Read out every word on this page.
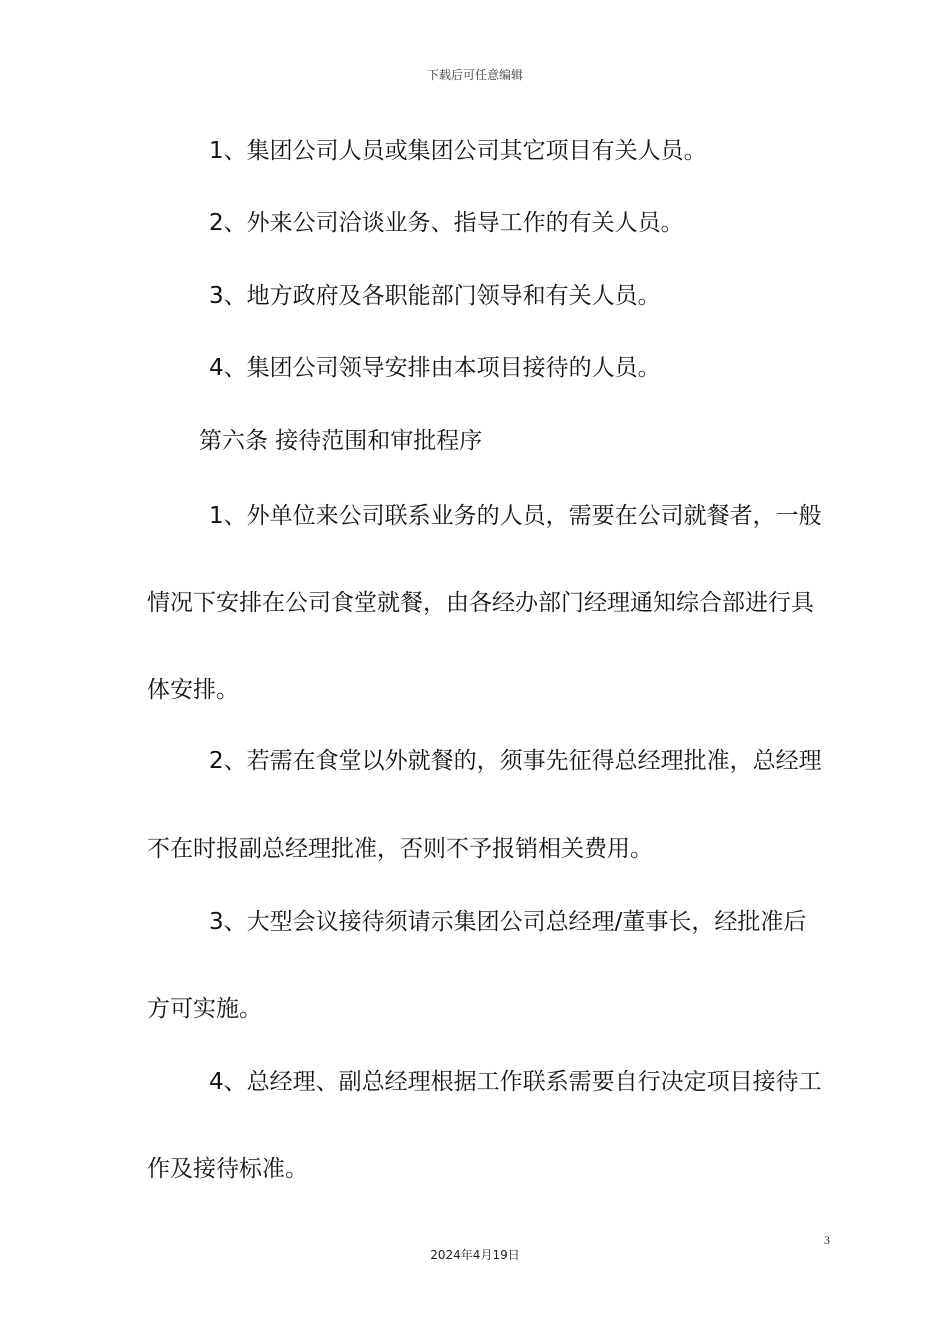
下载后可任意编辑
1、集团公司人员或集团公司其它项目有关人员。
2、外来公司洽谈业务、指导工作的有关人员。
3、地方政府及各职能部门领导和有关人员。
4、集团公司领导安排由本项目接待的人员。
第六条 接待范围和审批程序
1、外单位来公司联系业务的人员，需要在公司就餐者，一般
情况下安排在公司食堂就餐，由各经办部门经理通知综合部进行具
体安排。
2、若需在食堂以外就餐的，须事先征得总经理批准，总经理
不在时报副总经理批准，否则不予报销相关费用。
3、大型会议接待须请示集团公司总经理/董事长，经批准后
方可实施。
4、总经理、副总经理根据工作联系需要自行决定项目接待工
作及接待标准。
3
2024年4月19日
